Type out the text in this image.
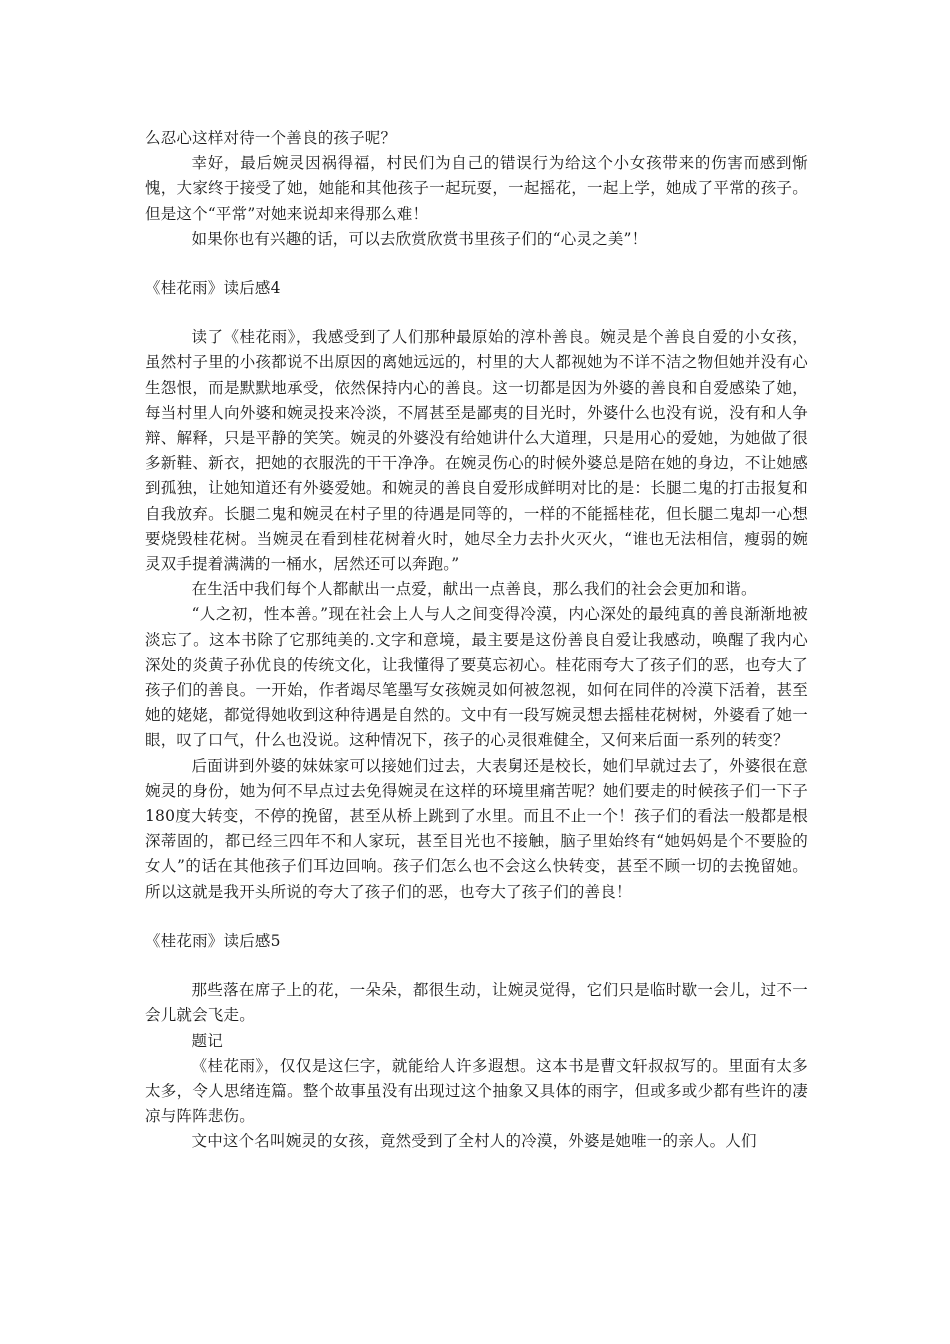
么忍心这样对待一个善良的孩子呢？

幸好，最后婉灵因祸得福，村民们为自己的错误行为给这个小女孩带来的伤害而感到惭愧，大家终于接受了她，她能和其他孩子一起玩耍，一起摇花，一起上学，她成了平常的孩子。但是这个“平常”对她来说却来得那么难！

如果你也有兴趣的话，可以去欣赏欣赏书里孩子们的“心灵之美”！

《桂花雨》读后感4

读了《桂花雨》，我感受到了人们那种最原始的淳朴善良。婉灵是个善良自爱的小女孩，虽然村子里的小孩都说不出原因的离她远远的，村里的大人都视她为不详不洁之物但她并没有心生怨恨，而是默默地承受，依然保持内心的善良。这一切都是因为外婆的善良和自爱感染了她，每当村里人向外婆和婉灵投来冷淡，不屑甚至是鄙夷的目光时，外婆什么也没有说，没有和人争辩、解释，只是平静的笑笑。婉灵的外婆没有给她讲什么大道理，只是用心的爱她，为她做了很多新鞋、新衣，把她的衣服洗的干干净净。在婉灵伤心的时候外婆总是陪在她的身边，不让她感到孤独，让她知道还有外婆爱她。和婉灵的善良自爱形成鲜明对比的是：长腿二鬼的打击报复和自我放弃。长腿二鬼和婉灵在村子里的待遇是同等的，一样的不能摇桂花，但长腿二鬼却一心想要烧毁桂花树。当婉灵在看到桂花树着火时，她尽全力去扑火灭火，“谁也无法相信，瘦弱的婉灵双手提着满满的一桶水，居然还可以奔跑。”

在生活中我们每个人都献出一点爱，献出一点善良，那么我们的社会会更加和谐。

“人之初，性本善。”现在社会上人与人之间变得冷漠，内心深处的最纯真的善良渐渐地被淡忘了。这本书除了它那纯美的.文字和意境，最主要是这份善良自爱让我感动，唤醒了我内心深处的炎黄子孙优良的传统文化，让我懂得了要莫忘初心。桂花雨夸大了孩子们的恶，也夸大了孩子们的善良。一开始，作者竭尽笔墨写女孩婉灵如何被忽视，如何在同伴的冷漠下活着，甚至她的姥姥，都觉得她收到这种待遇是自然的。文中有一段写婉灵想去摇桂花树树，外婆看了她一眼，叹了口气，什么也没说。这种情况下，孩子的心灵很难健全，又何来后面一系列的转变？

后面讲到外婆的妹妹家可以接她们过去，大表舅还是校长，她们早就过去了，外婆很在意婉灵的身份，她为何不早点过去免得婉灵在这样的环境里痛苦呢？她们要走的时候孩子们一下子180度大转变，不停的挽留，甚至从桥上跳到了水里。而且不止一个！孩子们的看法一般都是根深蒂固的，都已经三四年不和人家玩，甚至目光也不接触，脑子里始终有“她妈妈是个不要脸的女人”的话在其他孩子们耳边回响。孩子们怎么也不会这么快转变，甚至不顾一切的去挽留她。所以这就是我开头所说的夸大了孩子们的恶，也夸大了孩子们的善良！

《桂花雨》读后感5

那些落在席子上的花，一朵朵，都很生动，让婉灵觉得，它们只是临时歇一会儿，过不一会儿就会飞走。

题记

《桂花雨》，仅仅是这仨字，就能给人许多遐想。这本书是曹文轩叔叔写的。里面有太多太多，令人思绪连篇。整个故事虽没有出现过这个抽象又具体的雨字，但或多或少都有些许的凄凉与阵阵悲伤。

文中这个名叫婉灵的女孩，竟然受到了全村人的冷漠，外婆是她唯一的亲人。人们
